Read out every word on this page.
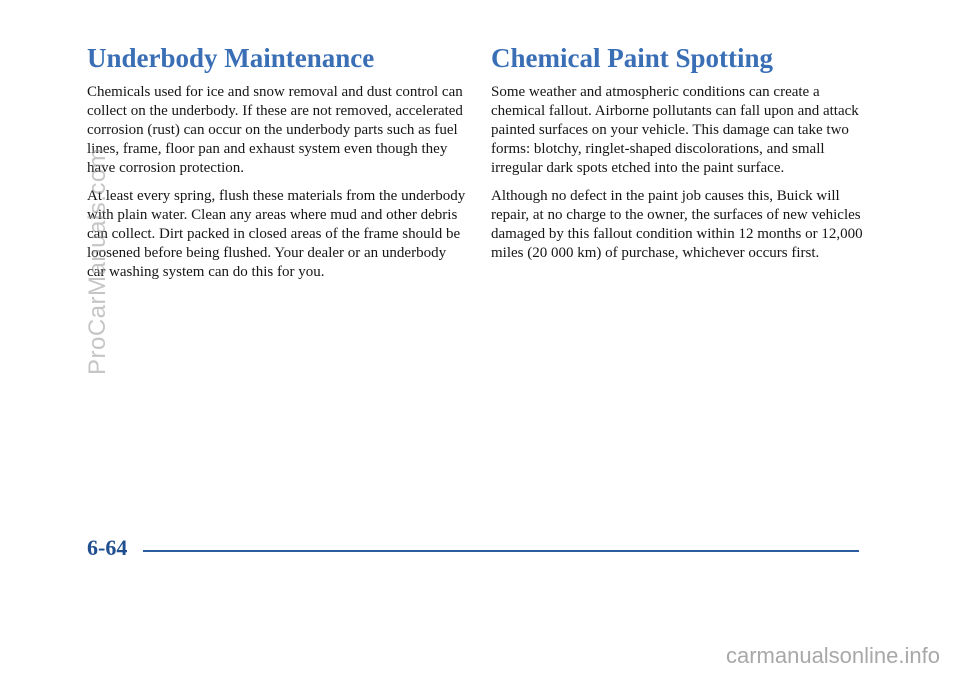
Underbody Maintenance

Chemicals used for ice and snow removal and dust control can collect on the underbody. If these are not removed, accelerated corrosion (rust) can occur on the underbody parts such as fuel lines, frame, floor pan and exhaust system even though they have corrosion protection.

At least every spring, flush these materials from the underbody with plain water. Clean any areas where mud and other debris can collect. Dirt packed in closed areas of the frame should be loosened before being flushed. Your dealer or an underbody car washing system can do this for you.

Chemical Paint Spotting

Some weather and atmospheric conditions can create a chemical fallout. Airborne pollutants can fall upon and attack painted surfaces on your vehicle. This damage can take two forms: blotchy, ringlet-shaped discolorations, and small irregular dark spots etched into the paint surface.

Although no defect in the paint job causes this, Buick will repair, at no charge to the owner, the surfaces of new vehicles damaged by this fallout condition within 12 months or 12,000 miles (20 000 km) of purchase, whichever occurs first.

6-64
ProCarManuals.com
carmanualsonline.info
